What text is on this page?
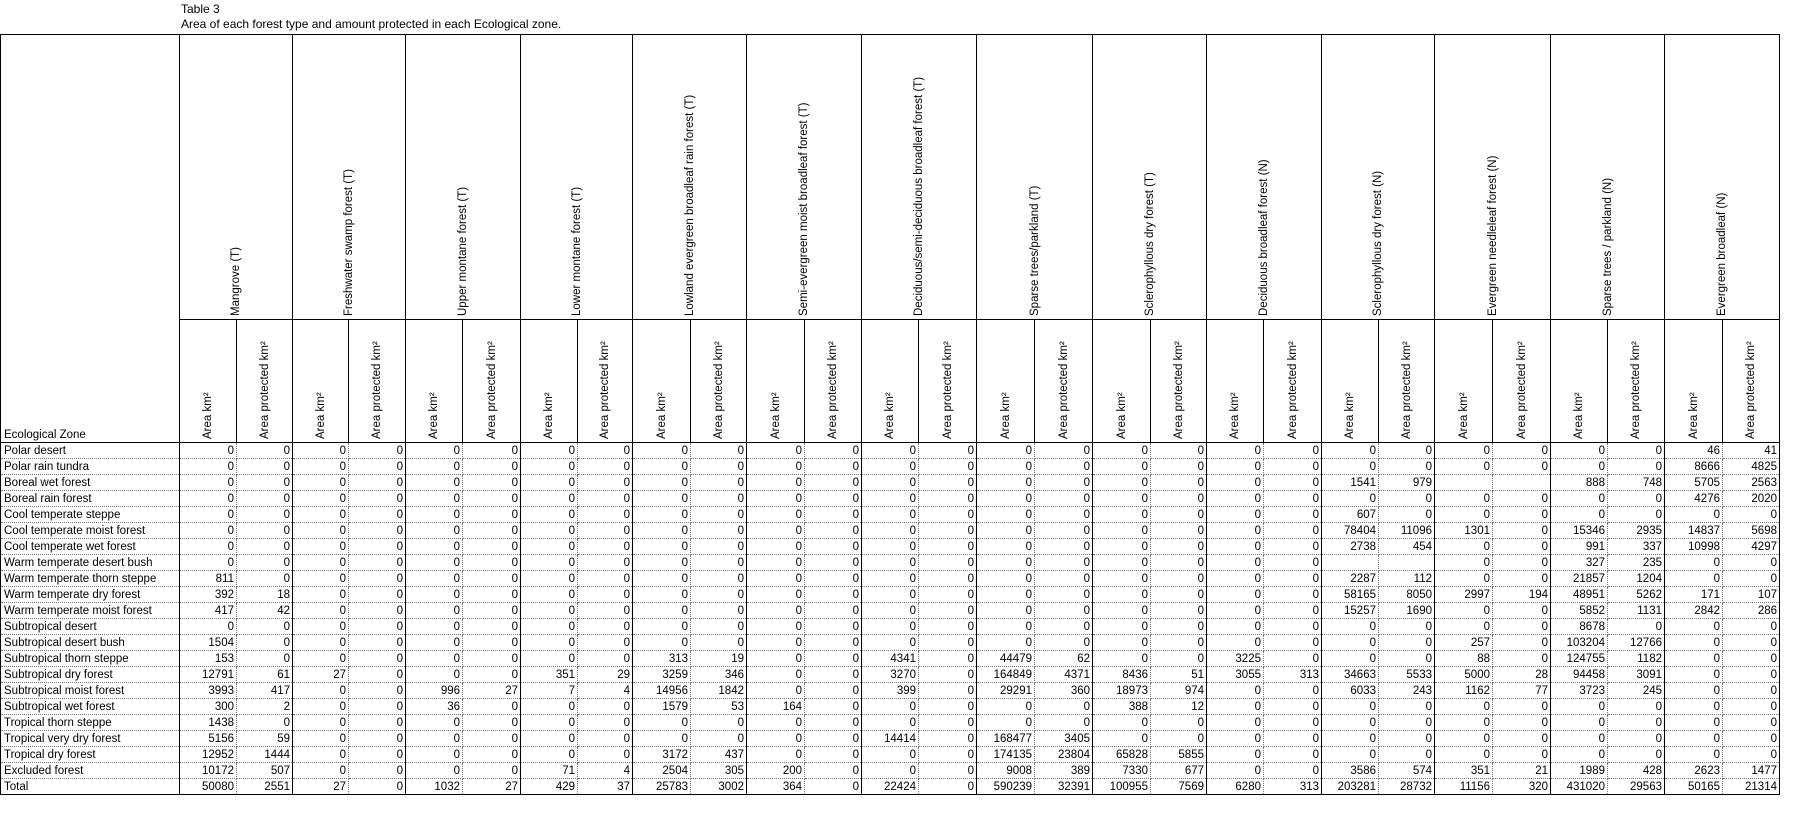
Table 3
Area of each forest type and amount protected in each Ecological zone.
Ecological Zone	Mangrove (T)		Freshwater swamp forest (T)		Upper montane forest (T)		Lower montane forest (T)		Lowland evergreen broadleaf rain forest (T)		Semi-evergreen moist broadleaf forest (T)		Deciduous/semi-deciduous broadleaf forest (T)		Sparse trees/parkland (T)		Sclerophyllous dry forest (T)		Deciduous broadleaf forest (N)		Sclerophyllous dry forest (N)		Evergreen needleleaf forest (N)		Sparse trees / parkland (N)		Evergreen broadleaf (N)	

	Area km²	Area protected km²	Area km²	Area protected km²	Area km²	Area protected km²	Area km²	Area protected km²	Area km²	Area protected km²	Area km²	Area protected km²	Area km²	Area protected km²	Area km²	Area protected km²	Area km²	Area protected km²	Area km²	Area protected km²	Area km²	Area protected km²	Area km²	Area protected km²	Area km²	Area protected km²	Area km²	Area protected km²

Polar desert	0	0	0	0	0	0	0	0	0	0	0	0	0	0	0	0	0	0	0	0	0	0	0	0	0	0	46	41
Polar rain tundra	0	0	0	0	0	0	0	0	0	0	0	0	0	0	0	0	0	0	0	0	0	0	0	0	0	0	8666	4825
Boreal wet forest	0	0	0	0	0	0	0	0	0	0	0	0	0	0	0	0	0	0	0	0	1541	979			888	748	5705	2563
Boreal rain forest	0	0	0	0	0	0	0	0	0	0	0	0	0	0	0	0	0	0	0	0	0	0	0	0	0	0	4276	2020
Cool temperate steppe	0	0	0	0	0	0	0	0	0	0	0	0	0	0	0	0	0	0	0	0	607	0	0	0	0	0	0	0
Cool temperate moist forest	0	0	0	0	0	0	0	0	0	0	0	0	0	0	0	0	0	0	0	0	78404	11096	1301	0	15346	2935	14837	5698
Cool temperate wet forest	0	0	0	0	0	0	0	0	0	0	0	0	0	0	0	0	0	0	0	0	2738	454	0	0	991	337	10998	4297
Warm temperate desert bush	0	0	0	0	0	0	0	0	0	0	0	0	0	0	0	0	0	0	0	0			0	0	327	235	0	0
Warm temperate thorn steppe	811	0	0	0	0	0	0	0	0	0	0	0	0	0	0	0	0	0	0	0	2287	112	0	0	21857	1204	0	0
Warm temperate dry forest	392	18	0	0	0	0	0	0	0	0	0	0	0	0	0	0	0	0	0	0	58165	8050	2997	194	48951	5262	171	107
Warm temperate moist forest	417	42	0	0	0	0	0	0	0	0	0	0	0	0	0	0	0	0	0	0	15257	1690	0	0	5852	1131	2842	286
Subtropical desert	0	0	0	0	0	0	0	0	0	0	0	0	0	0	0	0	0	0	0	0	0	0	0	0	8678	0	0	0
Subtropical desert bush	1504	0	0	0	0	0	0	0	0	0	0	0	0	0	0	0	0	0	0	0	0	0	257	0	103204	12766	0	0
Subtropical thorn steppe	153	0	0	0	0	0	0	0	313	19	0	0	4341	0	44479	62	0	0	3225	0	0	0	88	0	124755	1182	0	0
Subtropical dry forest	12791	61	27	0	0	0	351	29	3259	346	0	0	3270	0	164849	4371	8436	51	3055	313	34663	5533	5000	28	94458	3091	0	0
Subtropical moist forest	3993	417	0	0	996	27	7	4	14956	1842	0	0	399	0	29291	360	18973	974	0	0	6033	243	1162	77	3723	245	0	0
Subtropical wet forest	300	2	0	0	36	0	0	0	1579	53	164	0	0	0	0	0	388	12	0	0	0	0	0	0	0	0	0	0
Tropical thorn steppe	1438	0	0	0	0	0	0	0	0	0	0	0	0	0	0	0	0	0	0	0	0	0	0	0	0	0	0	0
Tropical very dry forest	5156	59	0	0	0	0	0	0	0	0	0	0	14414	0	168477	3405	0	0	0	0	0	0	0	0	0	0	0	0
Tropical dry forest	12952	1444	0	0	0	0	0	0	3172	437	0	0	0	0	174135	23804	65828	5855	0	0	0	0	0	0	0	0	0	0
Excluded forest	10172	507	0	0	0	0	71	4	2504	305	200	0	0	0	9008	389	7330	677	0	0	3586	574	351	21	1989	428	2623	1477
Total	50080	2551	27	0	1032	27	429	37	25783	3002	364	0	22424	0	590239	32391	100955	7569	6280	313	203281	28732	11156	320	431020	29563	50165	21314
